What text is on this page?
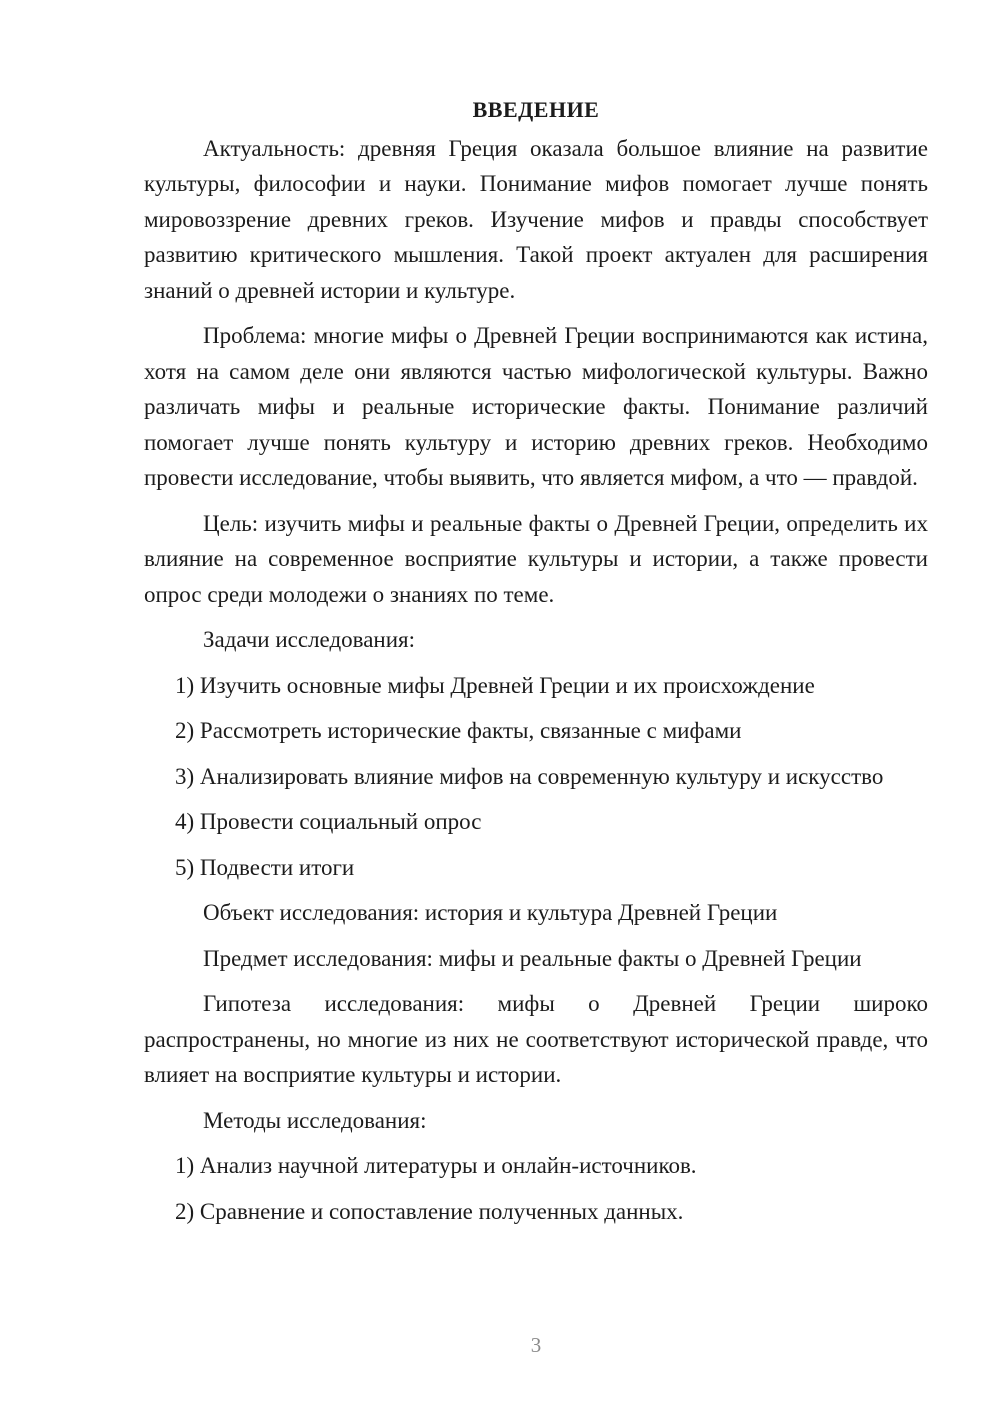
ВВЕДЕНИЕ

Актуальность: древняя Греция оказала большое влияние на развитие культуры, философии и науки. Понимание мифов помогает лучше понять мировоззрение древних греков. Изучение мифов и правды способствует развитию критического мышления. Такой проект актуален для расширения знаний о древней истории и культуре.

Проблема: многие мифы о Древней Греции воспринимаются как истина, хотя на самом деле они являются частью мифологической культуры. Важно различать мифы и реальные исторические факты. Понимание различий помогает лучше понять культуру и историю древних греков. Необходимо провести исследование, чтобы выявить, что является мифом, а что — правдой.

Цель: изучить мифы и реальные факты о Древней Греции, определить их влияние на современное восприятие культуры и истории, а также провести опрос среди молодежи о знаниях по теме.

Задачи исследования:

1) Изучить основные мифы Древней Греции и их происхождение

2) Рассмотреть исторические факты, связанные с мифами

3) Анализировать влияние мифов на современную культуру и искусство

4) Провести социальный опрос

5) Подвести итоги

Объект исследования: история и культура Древней Греции

Предмет исследования: мифы и реальные факты о Древней Греции

Гипотеза исследования: мифы о Древней Греции широко распространены, но многие из них не соответствуют исторической правде, что влияет на восприятие культуры и истории.

Методы исследования:

1) Анализ научной литературы и онлайн-источников.

2) Сравнение и сопоставление полученных данных.

3
